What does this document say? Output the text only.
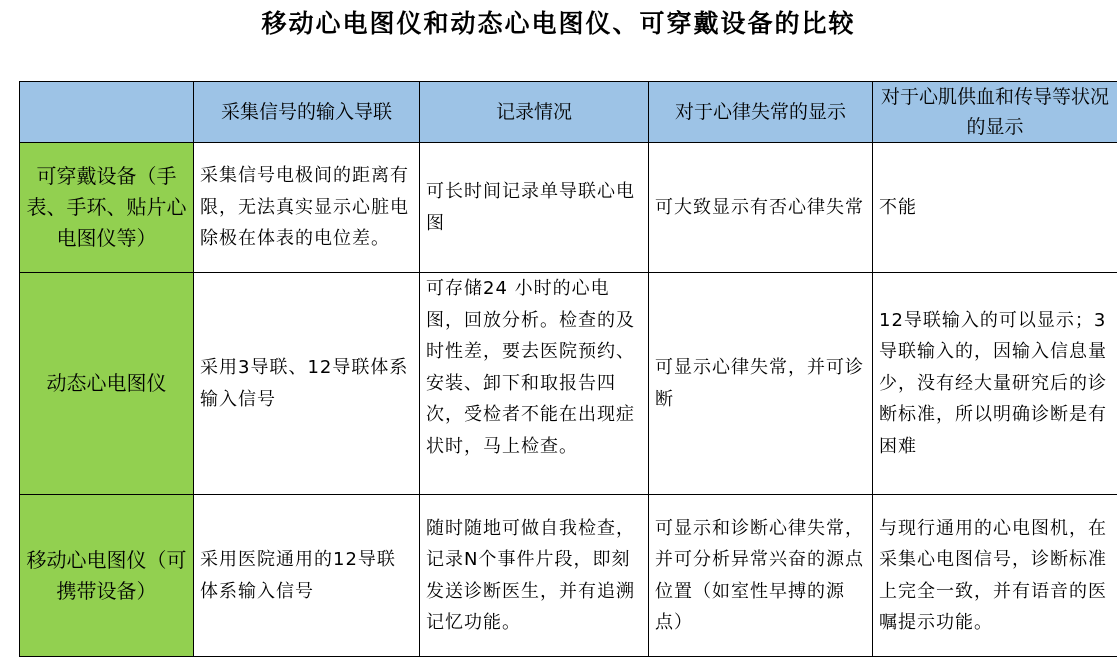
移动心电图仪和动态心电图仪、可穿戴设备的比较
	采集信号的输入导联	记录情况	对于心律失常的显示	对于心肌供血和传导等状况的显示
可穿戴设备（手表、手环、贴片心电图仪等）	采集信号电极间的距离有限，无法真实显示心脏电除极在体表的电位差。	可长时间记录单导联心电图	可大致显示有否心律失常	不能
动态心电图仪	采用3导联、12导联体系输入信号	可存储24 小时的心电图，回放分析。检查的及时性差，要去医院预约、安装、卸下和取报告四次，受检者不能在出现症状时，马上检查。	可显示心律失常，并可诊断	12导联输入的可以显示；3导联输入的，因输入信息量少，没有经大量研究后的诊断标准，所以明确诊断是有困难
移动心电图仪（可携带设备）	采用医院通用的12导联体系输入信号	随时随地可做自我检查，记录N个事件片段，即刻发送诊断医生，并有追溯记忆功能。	可显示和诊断心律失常，并可分析异常兴奋的源点位置（如室性早搏的源点）	与现行通用的心电图机，在采集心电图信号，诊断标准上完全一致，并有语音的医嘱提示功能。
